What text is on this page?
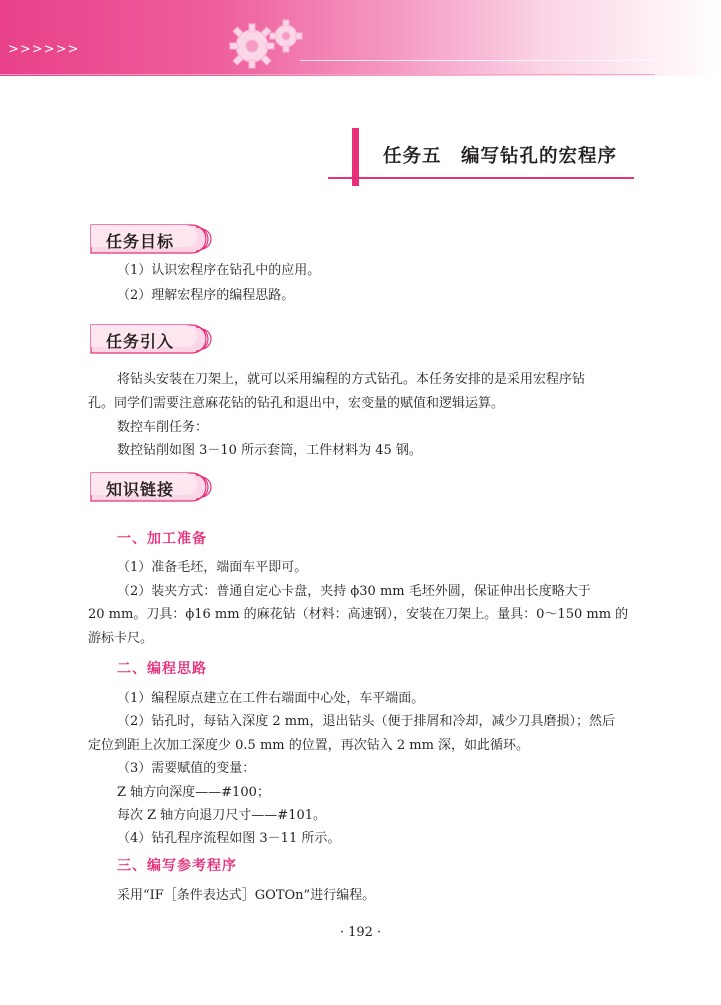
>>>>>>
任务五　编写钻孔的宏程序
任务目标
（1）认识宏程序在钻孔中的应用。
（2）理解宏程序的编程思路。
任务引入
将钻头安装在刀架上，就可以采用编程的方式钻孔。本任务安排的是采用宏程序钻
孔。同学们需要注意麻花钻的钻孔和退出中，宏变量的赋值和逻辑运算。
数控车削任务：
数控钻削如图 3－10 所示套筒，工件材料为 45 钢。
知识链接
一、加工准备
（1）准备毛坯，端面车平即可。
（2）装夹方式：普通自定心卡盘，夹持 ϕ30 mm 毛坯外圆，保证伸出长度略大于
20 mm。刀具：ϕ16 mm 的麻花钻（材料：高速钢），安装在刀架上。量具：0～150 mm 的
游标卡尺。
二、编程思路
（1）编程原点建立在工件右端面中心处，车平端面。
（2）钻孔时，每钻入深度 2 mm，退出钻头（便于排屑和冷却，减少刀具磨损）；然后
定位到距上次加工深度少 0.5 mm 的位置，再次钻入 2 mm 深，如此循环。
（3）需要赋值的变量：
Z 轴方向深度——#100；
每次 Z 轴方向退刀尺寸——#101。
（4）钻孔程序流程如图 3－11 所示。
三、编写参考程序
采用“IF［条件表达式］GOTOn”进行编程。
· 192 ·
